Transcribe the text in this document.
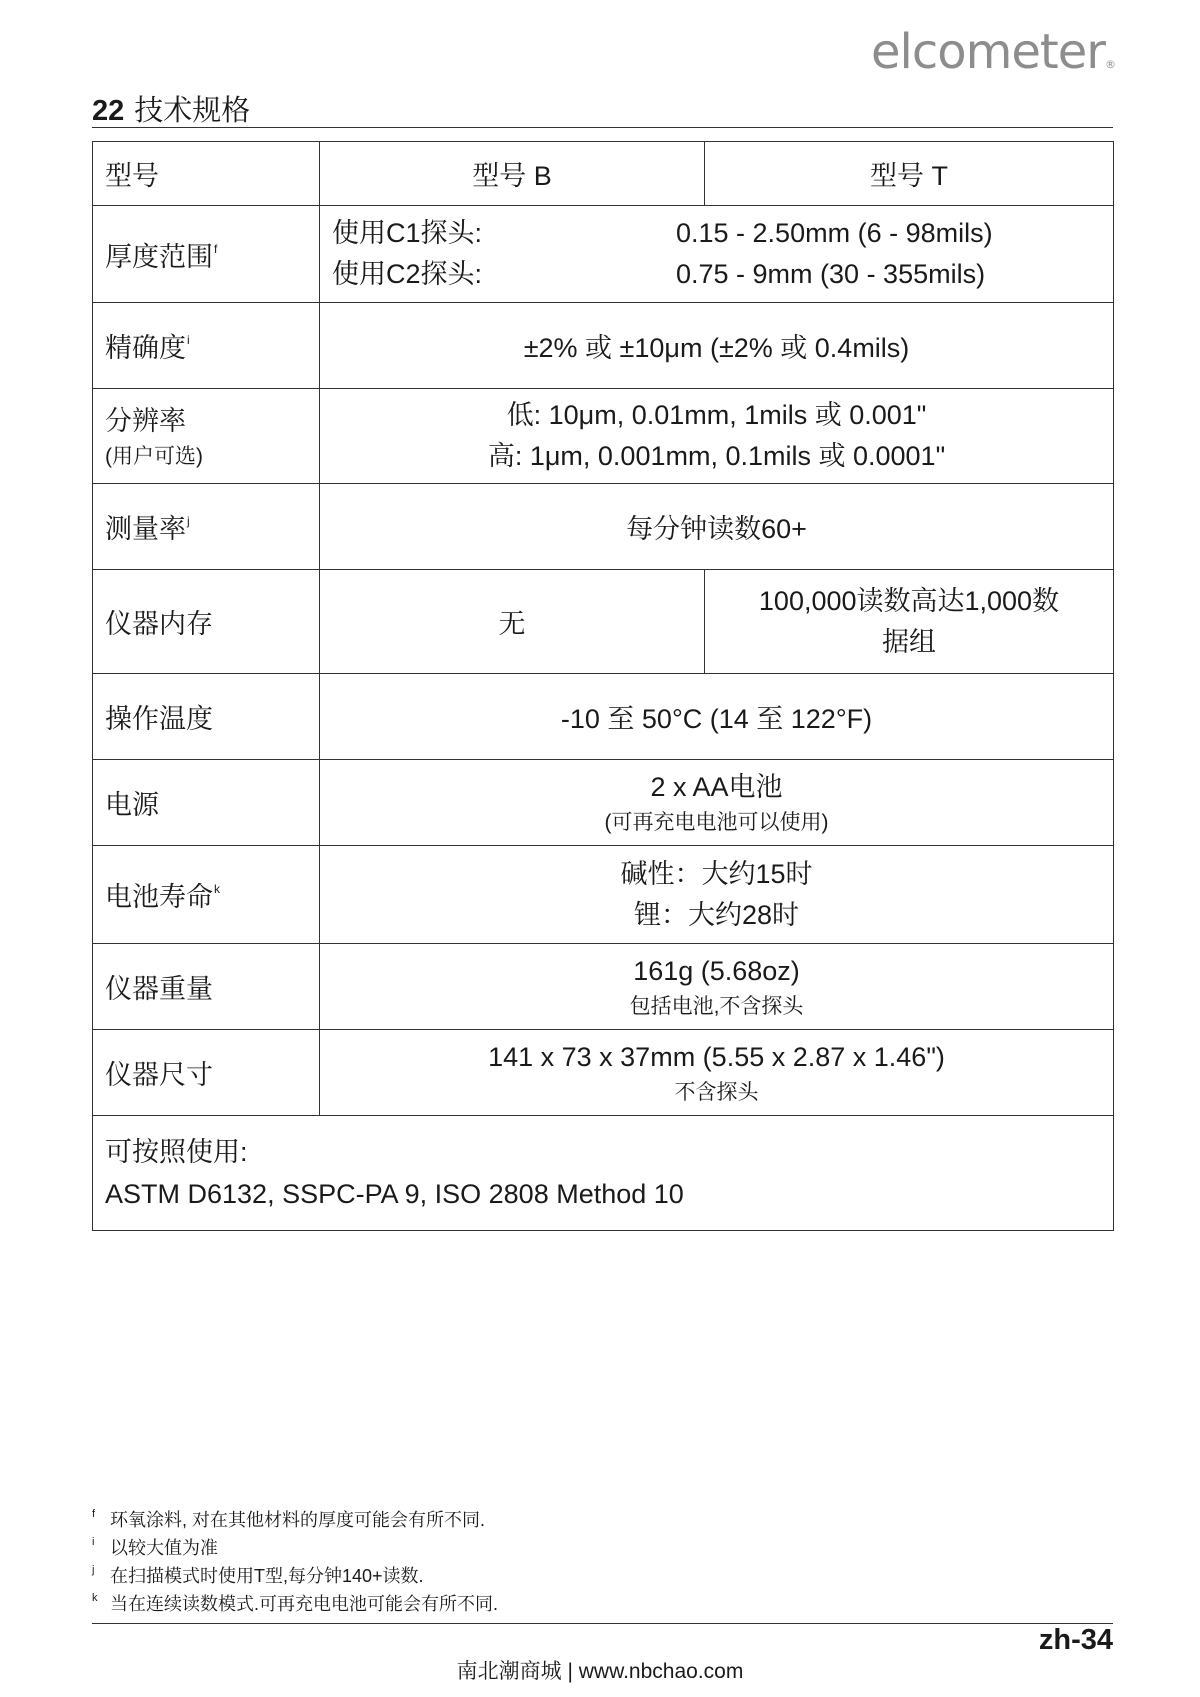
elcometer®
22 技术规格
型号	型号 B	型号 T
厚度范围$^f$	使用C1探头: 0.15 - 2.50mm (6 - 98mils)
使用C2探头: 0.75 - 9mm (30 - 355mils)	

精确度$^i$	±2% 或 ±10μm (±2% 或 0.4mils)	

分辨率
(用户可选)	低: 10μm, 0.01mm, 1mils 或 0.001"
高: 1μm, 0.001mm, 0.1mils 或 0.0001"	

测量率$^j$	每分钟读数60+	
仪器内存	无	100,000读数高达1,000数
据组

操作温度	-10 至 50°C (14 至 122°F)	
电源	2 x AA电池
(可再充电电池可以使用)	

电池寿命$^k$	碱性：大约15时
锂：大约28时	

仪器重量	161g (5.68oz)
包括电池,不含探头	

仪器尺寸	141 x 73 x 37mm (5.55 x 2.87 x 1.46")
不含探头	

可按照使用:
ASTM D6132, SSPC-PA 9, ISO 2808 Method 10		
f 环氧涂料, 对在其他材料的厚度可能会有所不同.
i 以较大值为准
j 在扫描模式时使用T型,每分钟140+读数.
k 当在连续读数模式.可再充电电池可能会有所不同.
zh-34
南北潮商城 | www.nbchao.com
